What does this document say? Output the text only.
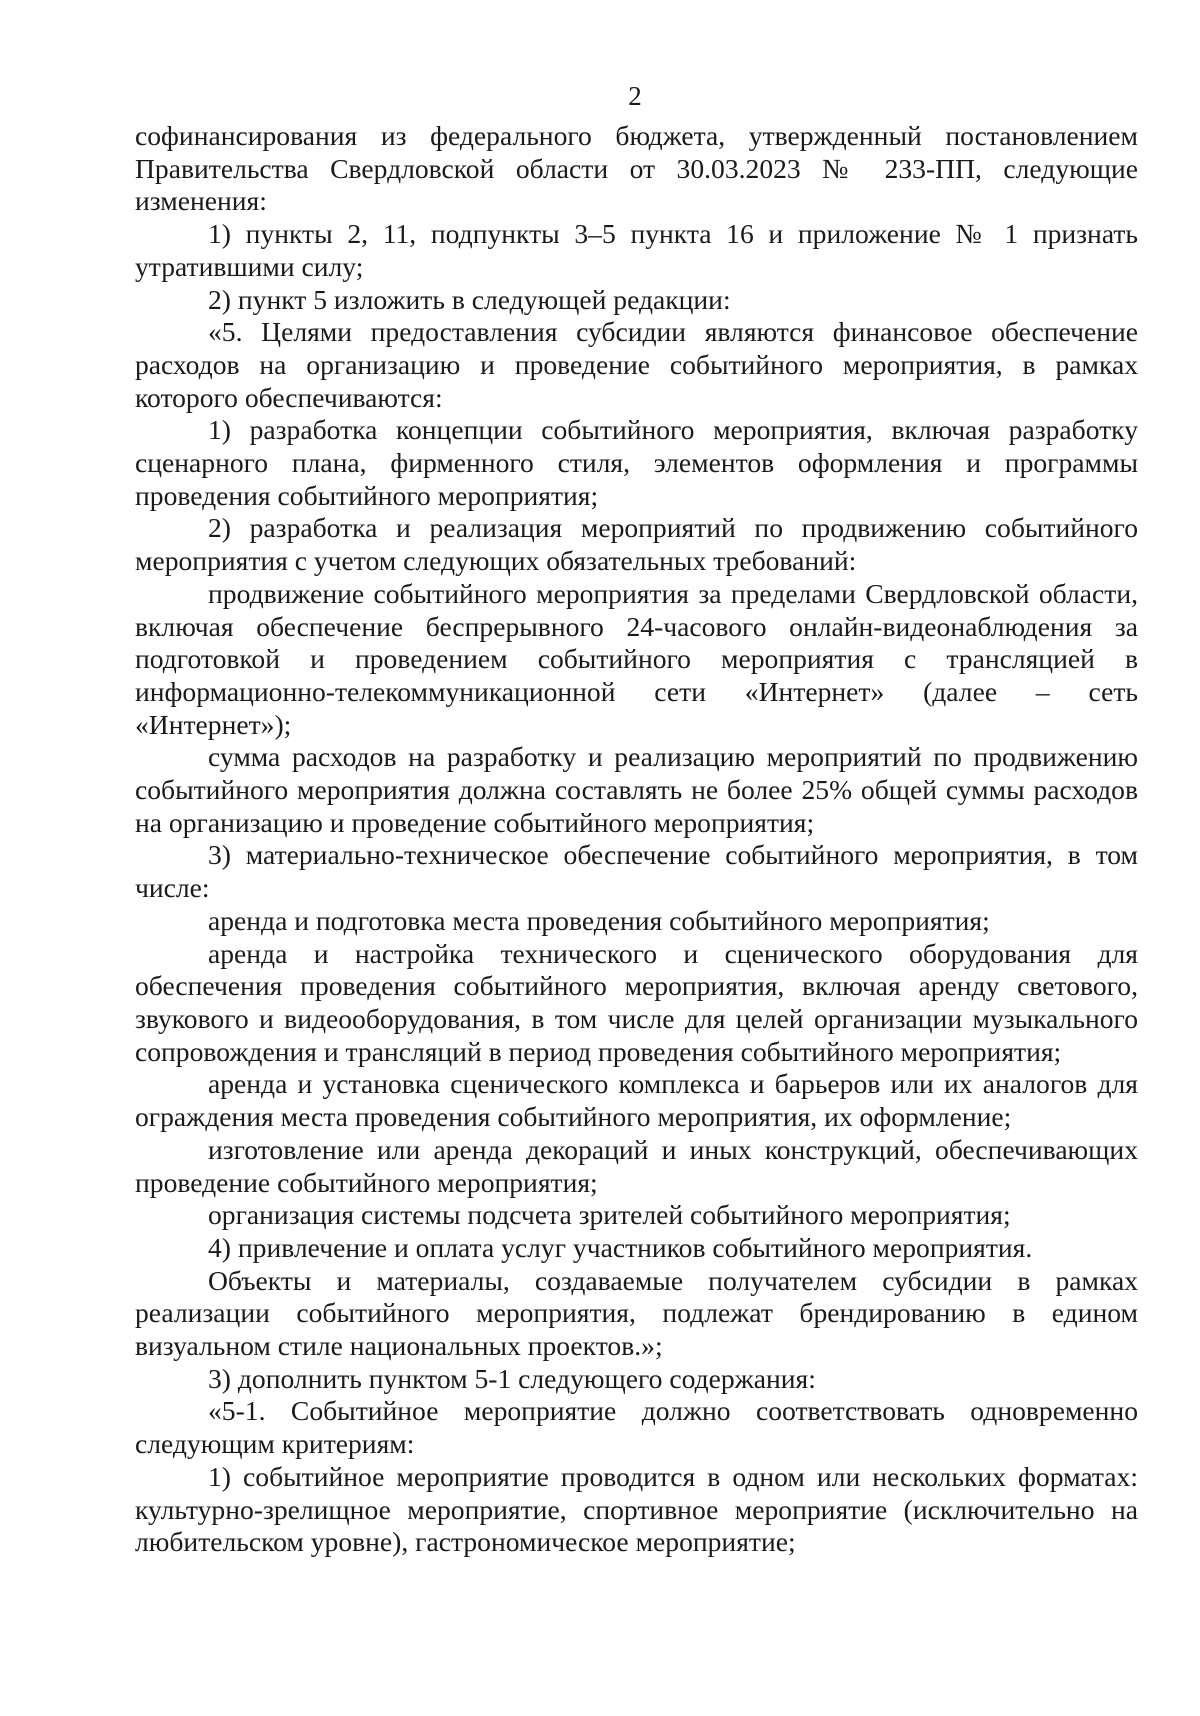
2

софинансирования из федерального бюджета, утвержденный постановлением Правительства Свердловской области от 30.03.2023 № 233-ПП, следующие изменения:

1) пункты 2, 11, подпункты 3–5 пункта 16 и приложение № 1 признать утратившими силу;

2) пункт 5 изложить в следующей редакции:

«5. Целями предоставления субсидии являются финансовое обеспечение расходов на организацию и проведение событийного мероприятия, в рамках которого обеспечиваются:

1) разработка концепции событийного мероприятия, включая разработку сценарного плана, фирменного стиля, элементов оформления и программы проведения событийного мероприятия;

2) разработка и реализация мероприятий по продвижению событийного мероприятия с учетом следующих обязательных требований:

продвижение событийного мероприятия за пределами Свердловской области, включая обеспечение беспрерывного 24-часового онлайн-видеонаблюдения за подготовкой и проведением событийного мероприятия с трансляцией в информационно-телекоммуникационной сети «Интернет» (далее – сеть «Интернет»);

сумма расходов на разработку и реализацию мероприятий по продвижению событийного мероприятия должна составлять не более 25% общей суммы расходов на организацию и проведение событийного мероприятия;

3) материально-техническое обеспечение событийного мероприятия, в том числе:

аренда и подготовка места проведения событийного мероприятия;

аренда и настройка технического и сценического оборудования для обеспечения проведения событийного мероприятия, включая аренду светового, звукового и видеооборудования, в том числе для целей организации музыкального сопровождения и трансляций в период проведения событийного мероприятия;

аренда и установка сценического комплекса и барьеров или их аналогов для ограждения места проведения событийного мероприятия, их оформление;

изготовление или аренда декораций и иных конструкций, обеспечивающих проведение событийного мероприятия;

организация системы подсчета зрителей событийного мероприятия;

4) привлечение и оплата услуг участников событийного мероприятия.

Объекты и материалы, создаваемые получателем субсидии в рамках реализации событийного мероприятия, подлежат брендированию в едином визуальном стиле национальных проектов.»;

3) дополнить пунктом 5-1 следующего содержания:

«5-1. Событийное мероприятие должно соответствовать одновременно следующим критериям:

1) событийное мероприятие проводится в одном или нескольких форматах: культурно-зрелищное мероприятие, спортивное мероприятие (исключительно на любительском уровне), гастрономическое мероприятие;
